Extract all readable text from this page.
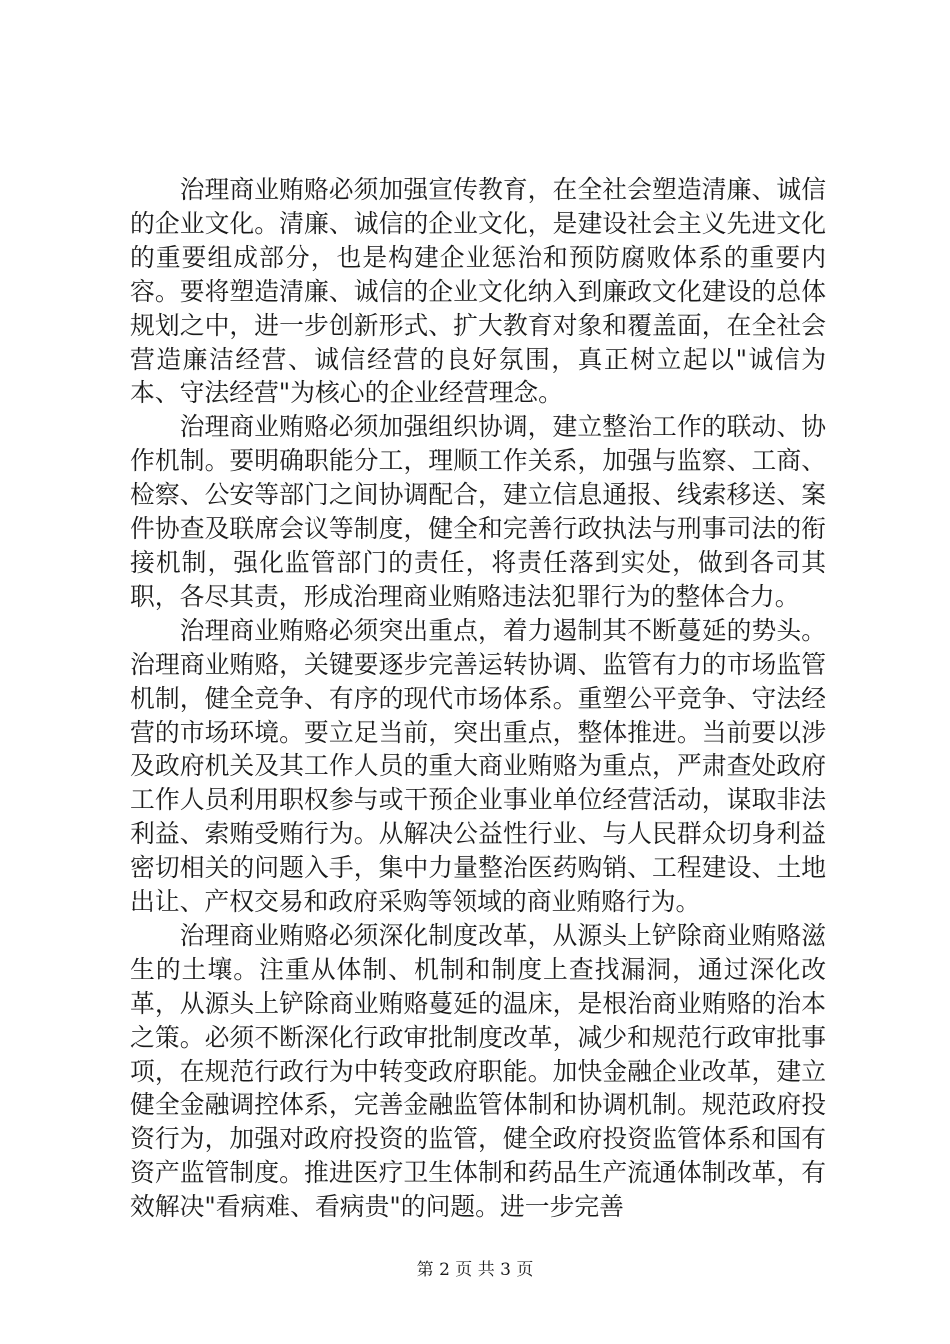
治理商业贿赂必须加强宣传教育，在全社会塑造清廉、诚信的企业文化。清廉、诚信的企业文化，是建设社会主义先进文化的重要组成部分，也是构建企业惩治和预防腐败体系的重要内容。要将塑造清廉、诚信的企业文化纳入到廉政文化建设的总体规划之中，进一步创新形式、扩大教育对象和覆盖面，在全社会营造廉洁经营、诚信经营的良好氛围，真正树立起以"诚信为本、守法经营"为核心的企业经营理念。

治理商业贿赂必须加强组织协调，建立整治工作的联动、协作机制。要明确职能分工，理顺工作关系，加强与监察、工商、检察、公安等部门之间协调配合，建立信息通报、线索移送、案件协查及联席会议等制度，健全和完善行政执法与刑事司法的衔接机制，强化监管部门的责任，将责任落到实处，做到各司其职，各尽其责，形成治理商业贿赂违法犯罪行为的整体合力。

治理商业贿赂必须突出重点，着力遏制其不断蔓延的势头。治理商业贿赂，关键要逐步完善运转协调、监管有力的市场监管机制，健全竞争、有序的现代市场体系。重塑公平竞争、守法经营的市场环境。要立足当前，突出重点，整体推进。当前要以涉及政府机关及其工作人员的重大商业贿赂为重点，严肃查处政府工作人员利用职权参与或干预企业事业单位经营活动，谋取非法利益、索贿受贿行为。从解决公益性行业、与人民群众切身利益密切相关的问题入手，集中力量整治医药购销、工程建设、土地出让、产权交易和政府采购等领域的商业贿赂行为。

治理商业贿赂必须深化制度改革，从源头上铲除商业贿赂滋生的土壤。注重从体制、机制和制度上查找漏洞，通过深化改革，从源头上铲除商业贿赂蔓延的温床，是根治商业贿赂的治本之策。必须不断深化行政审批制度改革，减少和规范行政审批事项，在规范行政行为中转变政府职能。加快金融企业改革，建立健全金融调控体系，完善金融监管体制和协调机制。规范政府投资行为，加强对政府投资的监管，健全政府投资监管体系和国有资产监管制度。推进医疗卫生体制和药品生产流通体制改革，有效解决"看病难、看病贵"的问题。进一步完善

第 2 页 共 3 页
